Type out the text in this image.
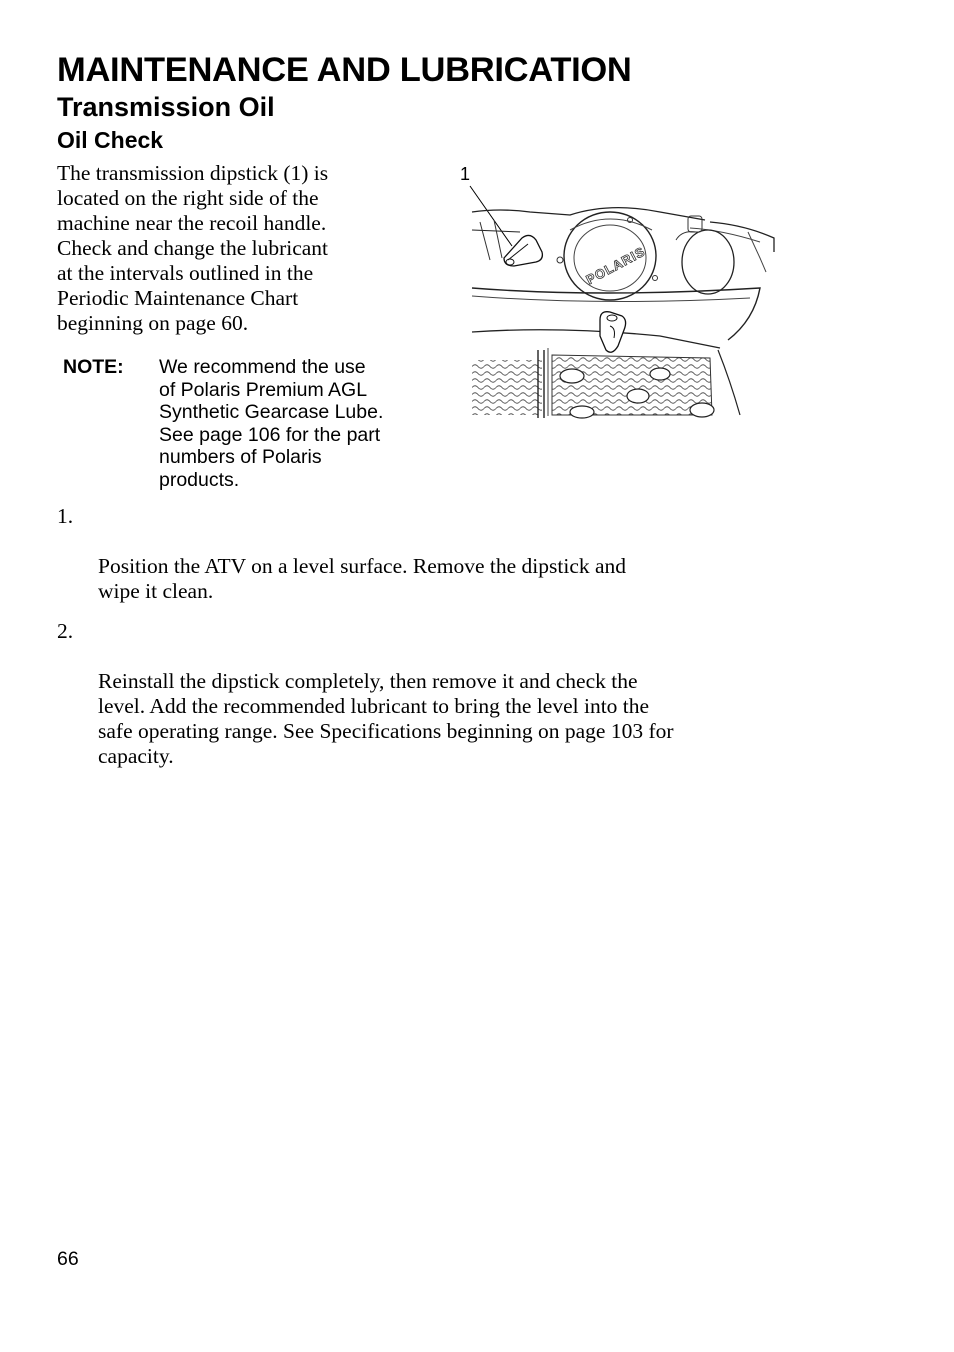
MAINTENANCE AND LUBRICATION
Transmission Oil
Oil Check

The transmission dipstick (1) is
located on the right side of the
machine near the recoil handle.
Check and change the lubricant
at the intervals outlined in the
Periodic Maintenance Chart
beginning on page 60.

NOTE: We recommend the use
of Polaris Premium AGL
Synthetic Gearcase Lube.
See page 106 for the part
numbers of Polaris
products.
1
POLARIS

1.

Position the ATV on a level surface. Remove the dipstick and
wipe it clean.

2.

Reinstall the dipstick completely, then remove it and check the
level. Add the recommended lubricant to bring the level into the
safe operating range. See Specifications beginning on page 103 for
capacity.

66
